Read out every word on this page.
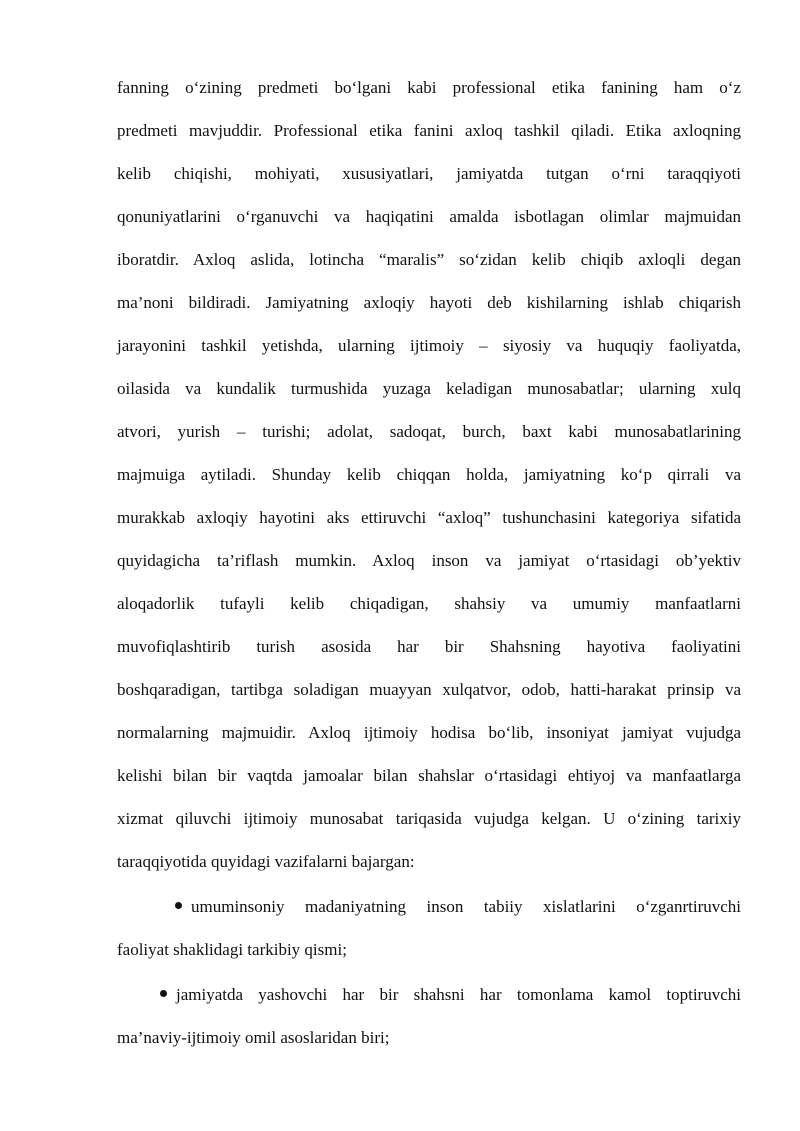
fanning o‘zining predmeti bo‘lgani kabi professional etika fanining ham o‘z
predmeti mavjuddir. Professional etika fanini axloq tashkil qiladi. Etika axloqning
kelib chiqishi, mohiyati, xususiyatlari, jamiyatda tutgan o‘rni taraqqiyoti
qonuniyatlarini o‘rganuvchi va haqiqatini amalda isbotlagan olimlar majmuidan
iboratdir. Axloq aslida, lotincha “maralis” so‘zidan kelib chiqib axloqli degan
ma’noni bildiradi. Jamiyatning axloqiy hayoti deb kishilarning ishlab chiqarish
jarayonini tashkil yetishda, ularning ijtimoiy – siyosiy va huquqiy faoliyatda,
oilasida va kundalik turmushida yuzaga keladigan munosabatlar; ularning xulq
atvori, yurish – turishi; adolat, sadoqat, burch, baxt kabi munosabatlarining
majmuiga aytiladi. Shunday kelib chiqqan holda, jamiyatning ko‘p qirrali va
murakkab axloqiy hayotini aks ettiruvchi “axloq” tushunchasini kategoriya sifatida
quyidagicha ta’riflash mumkin. Axloq inson va jamiyat o‘rtasidagi ob’yektiv
aloqadorlik tufayli kelib chiqadigan, shahsiy va umumiy manfaatlarni
muvofiqlashtirib turish asosida har bir Shahsning hayotiva faoliyatini
boshqaradigan, tartibga soladigan muayyan xulqatvor, odob, hatti-harakat prinsip va
normalarning majmuidir. Axloq ijtimoiy hodisa bo‘lib, insoniyat jamiyat vujudga
kelishi bilan bir vaqtda jamoalar bilan shahslar o‘rtasidagi ehtiyoj va manfaatlarga
xizmat qiluvchi ijtimoiy munosabat tariqasida vujudga kelgan. U o‘zining tarixiy
taraqqiyotida quyidagi vazifalarni bajargan:
umuminsoniy madaniyatning inson tabiiy xislatlarini o‘zganrtiruvchi
faoliyat shaklidagi tarkibiy qismi;
jamiyatda yashovchi har bir shahsni har tomonlama kamol toptiruvchi
ma’naviy-ijtimoiy omil asoslaridan biri;
